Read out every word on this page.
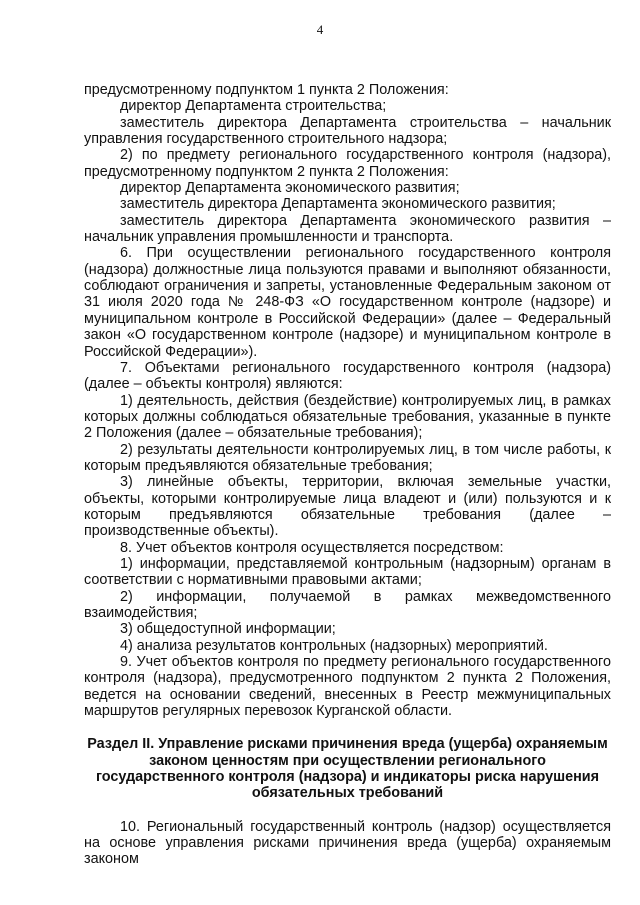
4

предусмотренному подпунктом 1 пункта 2 Положения:

директор Департамента строительства;

заместитель директора Департамента строительства – начальник управления государственного строительного надзора;

2) по предмету регионального государственного контроля (надзора), предусмотренному подпунктом 2 пункта 2 Положения:

директор Департамента экономического развития;

заместитель директора Департамента экономического развития;

заместитель директора Департамента экономического развития – начальник управления промышленности и транспорта.

6. При осуществлении регионального государственного контроля (надзора) должностные лица пользуются правами и выполняют обязанности, соблюдают ограничения и запреты, установленные Федеральным законом от 31 июля 2020 года № 248-ФЗ «О государственном контроле (надзоре) и муниципальном контроле в Российской Федерации» (далее – Федеральный закон «О государственном контроле (надзоре) и муниципальном контроле в Российской Федерации»).

7. Объектами регионального государственного контроля (надзора) (далее – объекты контроля) являются:

1) деятельность, действия (бездействие) контролируемых лиц, в рамках которых должны соблюдаться обязательные требования, указанные в пункте 2 Положения (далее – обязательные требования);

2) результаты деятельности контролируемых лиц, в том числе работы, к которым предъявляются обязательные требования;

3) линейные объекты, территории, включая земельные участки, объекты, которыми контролируемые лица владеют и (или) пользуются и к которым предъявляются обязательные требования (далее – производственные объекты).

8. Учет объектов контроля осуществляется посредством:

1) информации, представляемой контрольным (надзорным) органам в соответствии с нормативными правовыми актами;

2) информации, получаемой в рамках межведомственного взаимодействия;

3) общедоступной информации;

4) анализа результатов контрольных (надзорных) мероприятий.

9. Учет объектов контроля по предмету регионального государственного контроля (надзора), предусмотренного подпунктом 2 пункта 2 Положения, ведется на основании сведений, внесенных в Реестр межмуниципальных маршрутов регулярных перевозок Курганской области.

Раздел II. Управление рисками причинения вреда (ущерба) охраняемым законом ценностям при осуществлении регионального государственного контроля (надзора) и индикаторы риска нарушения обязательных требований

10. Региональный государственный контроль (надзор) осуществляется на основе управления рисками причинения вреда (ущерба) охраняемым законом
